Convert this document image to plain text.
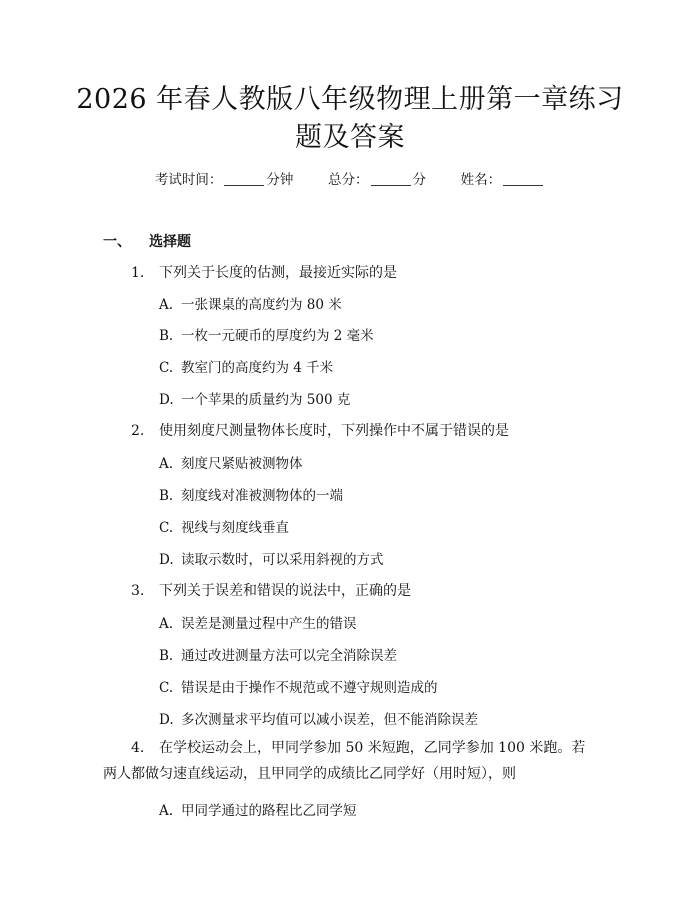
2026 年春人教版八年级物理上册第一章练习
题及答案
考试时间：	分钟	总分：	分	姓名：
一、 选择题
1. 下列关于长度的估测，最接近实际的是
A. 一张课桌的高度约为 80 米
B. 一枚一元硬币的厚度约为 2 毫米
C. 教室门的高度约为 4 千米
D. 一个苹果的质量约为 500 克
2. 使用刻度尺测量物体长度时，下列操作中不属于错误的是
A. 刻度尺紧贴被测物体
B. 刻度线对准被测物体的一端
C. 视线与刻度线垂直
D. 读取示数时，可以采用斜视的方式
3. 下列关于误差和错误的说法中，正确的是
A. 误差是测量过程中产生的错误
B. 通过改进测量方法可以完全消除误差
C. 错误是由于操作不规范或不遵守规则造成的
D. 多次测量求平均值可以减小误差，但不能消除误差
4. 在学校运动会上，甲同学参加 50 米短跑，乙同学参加 100 米跑。若两人都做匀速直线运动，且甲同学的成绩比乙同学好（用时短），则
A. 甲同学通过的路程比乙同学短
